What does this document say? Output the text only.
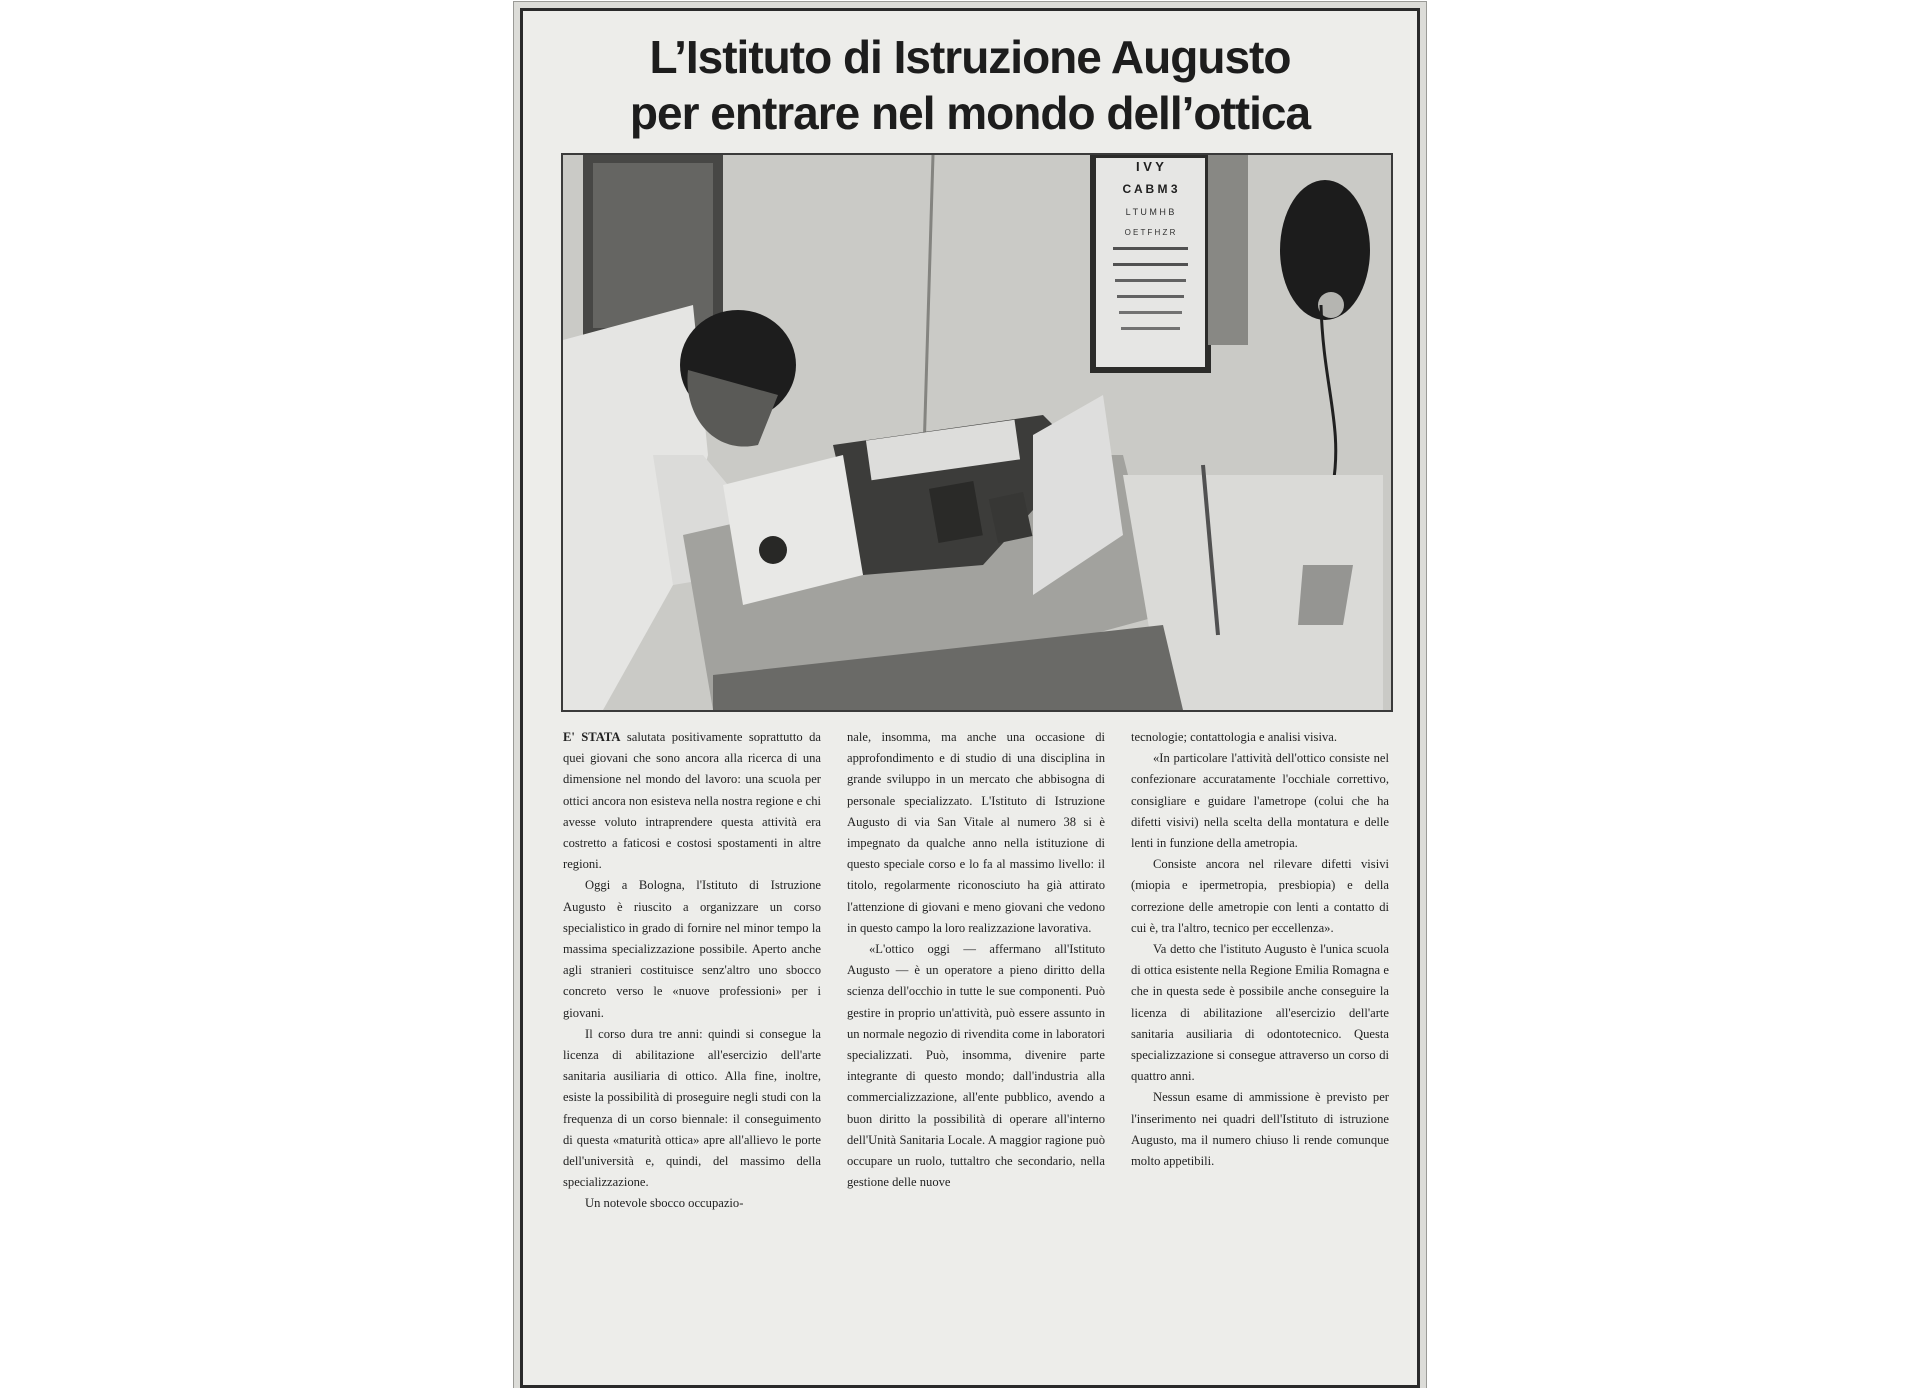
L’Istituto di Istruzione Augusto
per entrare nel mondo dell’ottica
I V Y
C A B M 3
L T U M H B
O E T F H Z R

E' STATA salutata positivamente soprattutto da quei giovani che sono ancora alla ricerca di una dimensione nel mondo del lavoro: una scuola per ottici ancora non esisteva nella nostra regione e chi avesse voluto intraprendere questa attività era costretto a faticosi e costosi spostamenti in altre regioni.

Oggi a Bologna, l'Istituto di Istruzione Augusto è riuscito a organizzare un corso specialistico in grado di fornire nel minor tempo la massima specializzazione possibile. Aperto anche agli stranieri costituisce senz'altro uno sbocco concreto verso le «nuove professioni» per i giovani.

Il corso dura tre anni: quindi si consegue la licenza di abilitazione all'esercizio dell'arte sanitaria ausiliaria di ottico. Alla fine, inoltre, esiste la possibilità di proseguire negli studi con la frequenza di un corso biennale: il conseguimento di questa «maturità ottica» apre all'allievo le porte dell'università e, quindi, del massimo della specializzazione.

Un notevole sbocco occupazio-

nale, insomma, ma anche una occasione di approfondimento e di studio di una disciplina in grande sviluppo in un mercato che abbisogna di personale specializzato. L'Istituto di Istruzione Augusto di via San Vitale al numero 38 si è impegnato da qualche anno nella istituzione di questo speciale corso e lo fa al massimo livello: il titolo, regolarmente riconosciuto ha già attirato l'attenzione di giovani e meno giovani che vedono in questo campo la loro realizzazione lavorativa.

«L'ottico oggi — affermano all'Istituto Augusto — è un operatore a pieno diritto della scienza dell'occhio in tutte le sue componenti. Può gestire in proprio un'attività, può essere assunto in un normale negozio di rivendita come in laboratori specializzati. Può, insomma, divenire parte integrante di questo mondo; dall'industria alla commercializzazione, all'ente pubblico, avendo a buon diritto la possibilità di operare all'interno dell'Unità Sanitaria Locale. A maggior ragione può occupare un ruolo, tuttaltro che secondario, nella gestione delle nuove

tecnologie; contattologia e analisi visiva.

«In particolare l'attività dell'ottico consiste nel confezionare accuratamente l'occhiale correttivo, consigliare e guidare l'ametrope (colui che ha difetti visivi) nella scelta della montatura e delle lenti in funzione della ametropia.

Consiste ancora nel rilevare difetti visivi (miopia e ipermetropia, presbiopia) e della correzione delle ametropie con lenti a contatto di cui è, tra l'altro, tecnico per eccellenza».

Va detto che l'istituto Augusto è l'unica scuola di ottica esistente nella Regione Emilia Romagna e che in questa sede è possibile anche conseguire la licenza di abilitazione all'esercizio dell'arte sanitaria ausiliaria di odontotecnico. Questa specializzazione si consegue attraverso un corso di quattro anni.

Nessun esame di ammissione è previsto per l'inserimento nei quadri dell'Istituto di istruzione Augusto, ma il numero chiuso li rende comunque molto appetibili.
